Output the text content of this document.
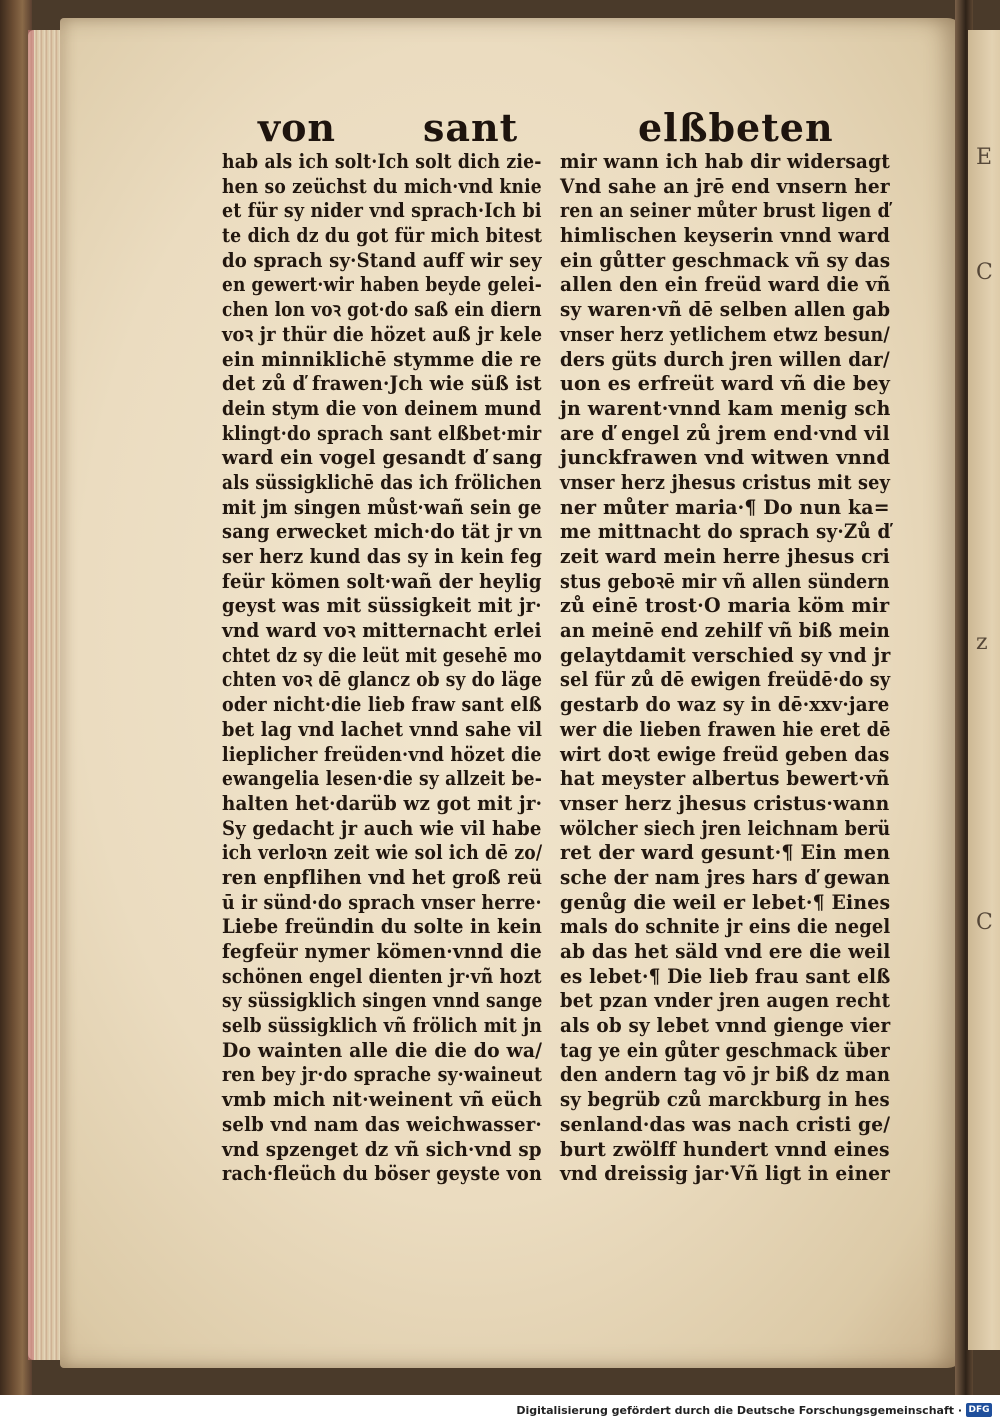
E
C
z
C
von sant	elßbeten
hab als ich solt·Ich solt dich zie-
hen so zeüchst du mich·vnd knie
et für sy nider vnd sprach·Ich bi
te dich dz du got für mich bitest
do sprach sy·Stand auff wir sey
en gewert·wir haben beyde gelei-
chen lon voꝛ got·do saß ein diern
voꝛ jr thür die hözet auß jr kele
ein minniklichē stymme die re
det zů ď frawen·Jch wie süß ist
dein stym die von deinem mund
klingt·do sprach sant elßbet·mir
ward ein vogel gesandt ď sang
als süssigklichē das ich frölichen
mit jm singen můst·wañ sein ge
sang erwecket mich·do tät jr vn
ser herz kund das sy in kein feg
feür kömen solt·wañ der heylig
geyst was mit süssigkeit mit jr·
vnd ward voꝛ mitternacht erlei
chtet dz sy die leüt mit gesehē mo
chten voꝛ dē glancz ob sy do läge
oder nicht·die lieb fraw sant elß
bet lag vnd lachet vnnd sahe vil
lieplicher freüden·vnd hözet die
ewangelia lesen·die sy allzeit be-
halten het·darüb wz got mit jr·
Sy gedacht jr auch wie vil habe
ich verloꝛn zeit wie sol ich dē zo/
ren enpflihen vnd het groß reü
ū ir sünd·do sprach vnser herre·
Liebe freündin du solte in kein
fegfeür nymer kömen·vnnd die
schönen engel dienten jr·vñ hozt
sy süssigklich singen vnnd sange
selb süssigklich vñ frölich mit jn
Do wainten alle die die do wa/
ren bey jr·do sprache sy·waineut
vmb mich nit·weinent vñ eüch
selb vnd nam das weichwasser·
vnd spzenget dz vñ sich·vnd sp
rach·fleüch du böser geyste von
mir wann ich hab dir widersagt
Vnd sahe an jrē end vnsern her
ren an seiner můter brust ligen ď
himlischen keyserin vnnd ward
ein gůtter geschmack vñ sy das
allen den ein freüd ward die vñ
sy waren·vñ dē selben allen gab
vnser herz yetlichem etwz besun/
ders güts durch jren willen dar/
uon es erfreüt ward vñ die bey
jn warent·vnnd kam menig sch
are ď engel zů jrem end·vnd vil
junckfrawen vnd witwen vnnd
vnser herz jhesus cristus mit sey
ner můter maria·¶ Do nun ka=
me mittnacht do sprach sy·Zů ď
zeit ward mein herre jhesus cri
stus geboꝛē mir vñ allen sündern
zů einē trost·O maria köm mir
an meinē end zehilf vñ biß mein
gelaytdamit verschied sy vnd jr
sel für zů dē ewigen freüdē·do sy
gestarb do waz sy in dē·xxv·jare
wer die lieben frawen hie eret dē
wirt doꝛt ewige freüd geben das
hat meyster albertus bewert·vñ
vnser herz jhesus cristus·wann
wölcher siech jren leichnam berü
ret der ward gesunt·¶ Ein men
sche der nam jres hars ď gewan
genůg die weil er lebet·¶ Eines
mals do schnite jr eins die negel
ab das het säld vnd ere die weil
es lebet·¶ Die lieb frau sant elß
bet pzan vnder jren augen recht
als ob sy lebet vnnd gienge vier
tag ye ein gůter geschmack über
den andern tag vō jr biß dz man
sy begrüb czů marckburg in hes
senland·das was nach cristi ge/
burt zwölff hundert vnnd eines
vnd dreissig jar·Vñ ligt in einer
Digitalisierung gefördert durch die Deutsche Forschungsgemeinschaft · DFG
